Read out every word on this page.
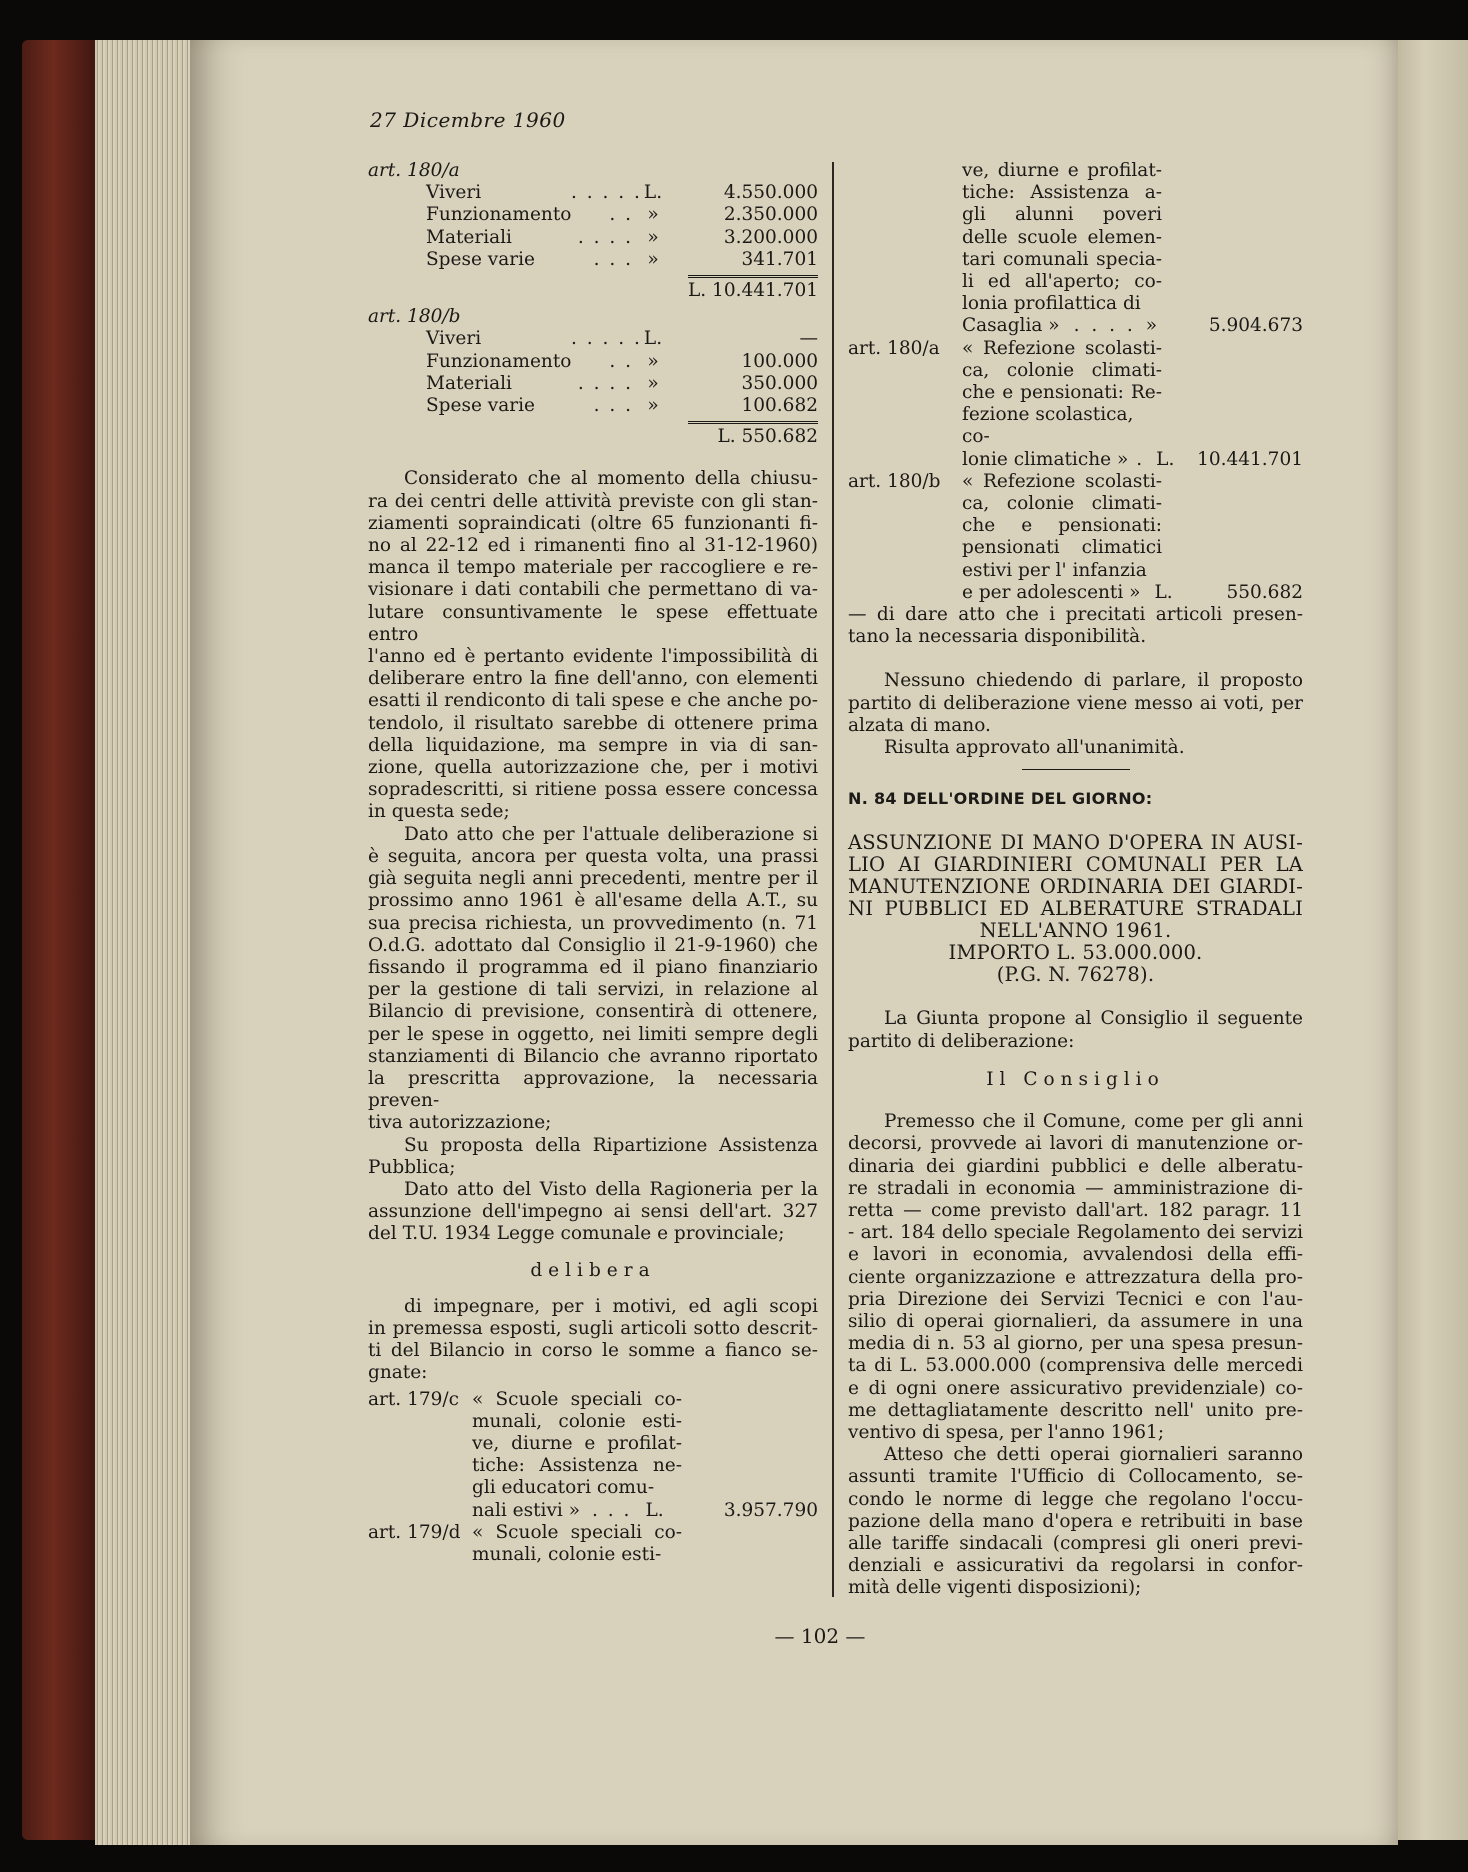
27 Dicembre 1960
art. 180/a
Viveri	. . . . . L.	4.550.000
Funzionamento	. . »	2.350.000
Materiali	. . . . »	3.200.000
Spese varie	. . . »	341.701
L. 10.441.701
art. 180/b
Viveri	. . . . . L.	—
Funzionamento	. . »	100.000
Materiali	. . . . »	350.000
Spese varie	. . . »	100.682
L. 550.682
Considerato che al momento della chiusu-
ra dei centri delle attività previste con gli stan-
ziamenti sopraindicati (oltre 65 funzionanti fi-
no al 22-12 ed i rimanenti fino al 31-12-1960)
manca il tempo materiale per raccogliere e re-
visionare i dati contabili che permettano di va-
lutare consuntivamente le spese effettuate entro
l'anno ed è pertanto evidente l'impossibilità di
deliberare entro la fine dell'anno, con elementi
esatti il rendiconto di tali spese e che anche po-
tendolo, il risultato sarebbe di ottenere prima
della liquidazione, ma sempre in via di san-
zione, quella autorizzazione che, per i motivi
sopradescritti, si ritiene possa essere concessa
in questa sede;
Dato atto che per l'attuale deliberazione si
è seguita, ancora per questa volta, una prassi
già seguita negli anni precedenti, mentre per il
prossimo anno 1961 è all'esame della A.T., su
sua precisa richiesta, un provvedimento (n. 71
O.d.G. adottato dal Consiglio il 21-9-1960) che
fissando il programma ed il piano finanziario
per la gestione di tali servizi, in relazione al
Bilancio di previsione, consentirà di ottenere,
per le spese in oggetto, nei limiti sempre degli
stanziamenti di Bilancio che avranno riportato
la prescritta approvazione, la necessaria preven-
tiva autorizzazione;
Su proposta della Ripartizione Assistenza
Pubblica;
Dato atto del Visto della Ragioneria per la
assunzione dell'impegno ai sensi dell'art. 327
del T.U. 1934 Legge comunale e provinciale;
delibera
di impegnare, per i motivi, ed agli scopi
in premessa esposti, sugli articoli sotto descrit-
ti del Bilancio in corso le somme a fianco se-
gnate:
art. 179/c « Scuole speciali co-
munali, colonie esti-
ve, diurne e profilat-
tiche: Assistenza ne-
gli educatori comu-
nali estivi » . . . L.	3.957.790
art. 179/d « Scuole speciali co-
munali, colonie esti-
ve, diurne e profilat-
tiche: Assistenza a-
gli alunni poveri
delle scuole elemen-
tari comunali specia-
li ed all'aperto; co-
lonia profilattica di
Casaglia » . . . . »	5.904.673
art. 180/a	« Refezione scolasti-
ca, colonie climati-
che e pensionati: Re-
fezione scolastica, co-
lonie climatiche » . L. 10.441.701
art. 180/b	« Refezione scolasti-
ca, colonie climati-
che e pensionati:
pensionati climatici
estivi per l' infanzia
e per adolescenti » L.	550.682
— di dare atto che i precitati articoli presen-
tano la necessaria disponibilità.
Nessuno chiedendo di parlare, il proposto
partito di deliberazione viene messo ai voti, per
alzata di mano.
Risulta approvato all'unanimità.
N. 84 DELL'ORDINE DEL GIORNO:
ASSUNZIONE DI MANO D'OPERA IN AUSI-
LIO AI GIARDINIERI COMUNALI PER LA
MANUTENZIONE ORDINARIA DEI GIARDI-
NI PUBBLICI ED ALBERATURE STRADALI
NELL'ANNO 1961.
IMPORTO L. 53.000.000.
(P.G. N. 76278).
La Giunta propone al Consiglio il seguente
partito di deliberazione:
Il Consiglio
Premesso che il Comune, come per gli anni
decorsi, provvede ai lavori di manutenzione or-
dinaria dei giardini pubblici e delle alberatu-
re stradali in economia — amministrazione di-
retta — come previsto dall'art. 182 paragr. 11
- art. 184 dello speciale Regolamento dei servizi
e lavori in economia, avvalendosi della effi-
ciente organizzazione e attrezzatura della pro-
pria Direzione dei Servizi Tecnici e con l'au-
silio di operai giornalieri, da assumere in una
media di n. 53 al giorno, per una spesa presun-
ta di L. 53.000.000 (comprensiva delle mercedi
e di ogni onere assicurativo previdenziale) co-
me dettagliatamente descritto nell' unito pre-
ventivo di spesa, per l'anno 1961;
Atteso che detti operai giornalieri saranno
assunti tramite l'Ufficio di Collocamento, se-
condo le norme di legge che regolano l'occu-
pazione della mano d'opera e retribuiti in base
alle tariffe sindacali (compresi gli oneri previ-
denziali e assicurativi da regolarsi in confor-
mità delle vigenti disposizioni);
— 102 —
